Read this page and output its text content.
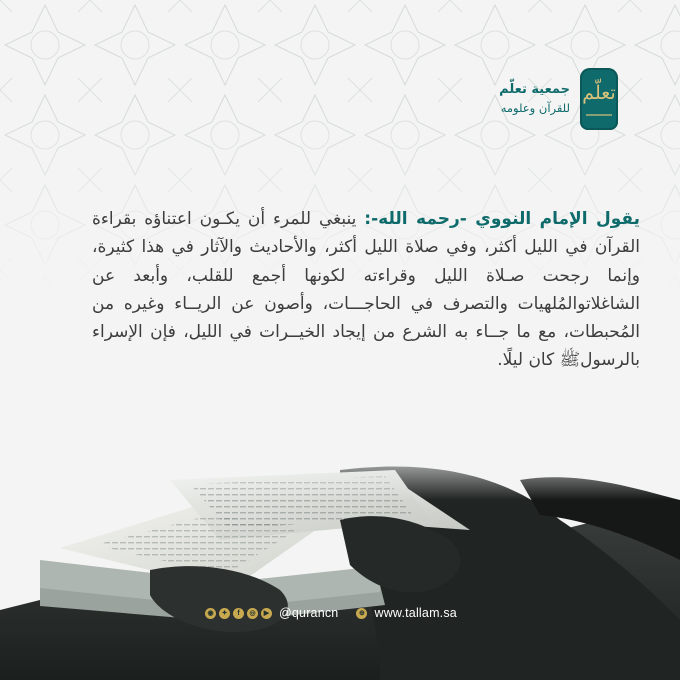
جمعية تعلّم
للقرآن وعلومه
تعلّم
يقول الإمام النووي -رحمه الله-: ينبغي للمرء أن يكـون اعتناؤه بقراءة القرآن في الليل أكثر، وفي صلاة الليل أكثر، والأحاديث والآثار في هذا كثيرة، وإنما رجحت صـلاة الليل وقراءته لكونها أجمع للقلب، وأبعد عن الشاغلاتوالمُلهيات والتصرف في الحاجـــات، وأصون عن الريــاء وغيره من المُحبطات، مع ما جــاء به الشرع من إيجاد الخيــرات في الليل، فإن الإسراء بالرسولﷺ كان ليلًا.
◉	✦	f	◎	▶ @qurancn	⊕ www.tallam.sa
